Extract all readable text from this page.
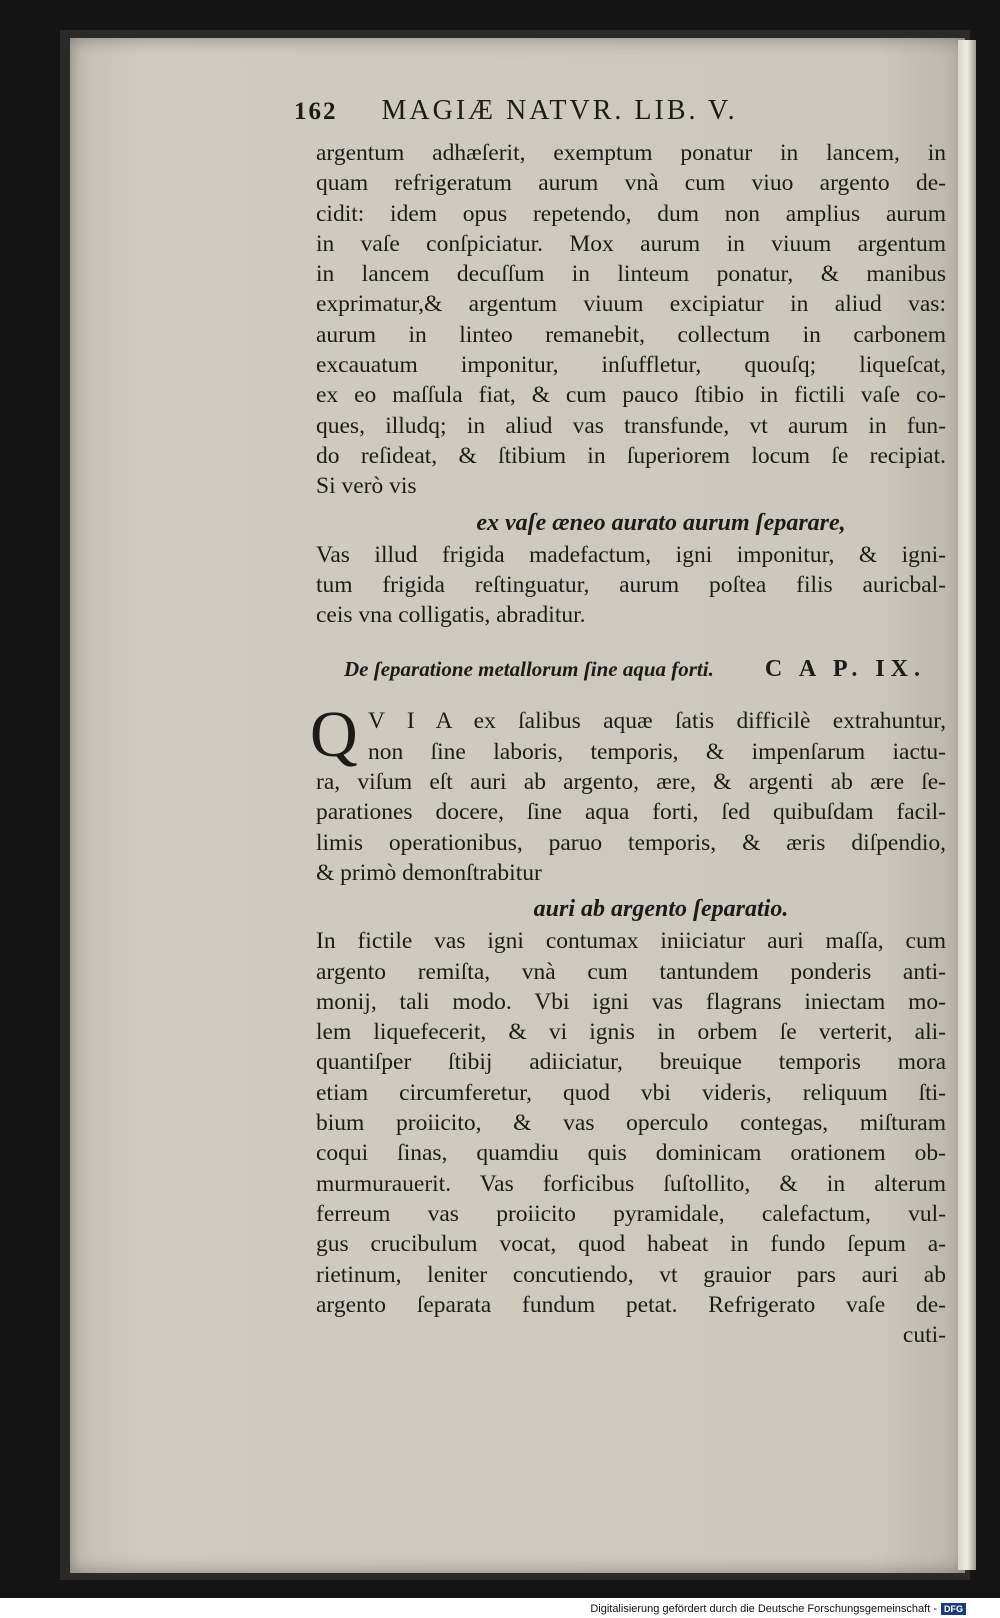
162 MAGIÆ NATVR. LIB. V.
argentum adhæſerit, exemptum ponatur in lancem, in
quam refrigeratum aurum vnà cum viuo argento de-
cidit: idem opus repetendo, dum non amplius aurum
in vaſe conſpiciatur. Mox aurum in viuum argentum
in lancem decuſſum in linteum ponatur, & manibus
exprimatur,& argentum viuum excipiatur in aliud vas:
aurum in linteo remanebit, collectum in carbonem
excauatum imponitur, inſuffletur, quouſq; liqueſcat,
ex eo maſſula fiat, & cum pauco ſtibio in fictili vaſe co-
ques, illudq; in aliud vas transfunde, vt aurum in fun-
do reſideat, & ſtibium in ſuperiorem locum ſe recipiat.
Si verò vis
ex vaſe æneo aurato aurum ſeparare,
Vas illud frigida madefactum, igni imponitur, & igni-
tum frigida reſtinguatur, aurum poſtea filis auricbal-
ceis vna colligatis, abraditur.
De ſeparatione metallorum ſine aqua forti. C A P. IX.
Q V I A ex ſalibus aquæ ſatis difficilè extrahuntur,
non ſine laboris, temporis, & impenſarum iactu-
ra, viſum eſt auri ab argento, ære, & argenti ab ære ſe-
parationes docere, ſine aqua forti, ſed quibuſdam facil-
limis operationibus, paruo temporis, & æris diſpendio,
& primò demonſtrabitur
auri ab argento ſeparatio.
In fictile vas igni contumax iniiciatur auri maſſa, cum
argento remiſta, vnà cum tantundem ponderis anti-
monij, tali modo. Vbi igni vas flagrans iniectam mo-
lem liquefecerit, & vi ignis in orbem ſe verterit, ali-
quantiſper ſtibij adiiciatur, breuique temporis mora
etiam circumferetur, quod vbi videris, reliquum ſti-
bium proiicito, & vas operculo contegas, miſturam
coqui ſinas, quamdiu quis dominicam orationem ob-
murmurauerit. Vas forficibus ſuſtollito, & in alterum
ferreum vas proiicito pyramidale, calefactum, vul-
gus crucibulum vocat, quod habeat in fundo ſepum a-
rietinum, leniter concutiendo, vt grauior pars auri ab
argento ſeparata fundum petat. Refrigerato vaſe de-
cuti-
Digitalisierung gefördert durch die Deutsche Forschungsgemeinschaft - DFG
